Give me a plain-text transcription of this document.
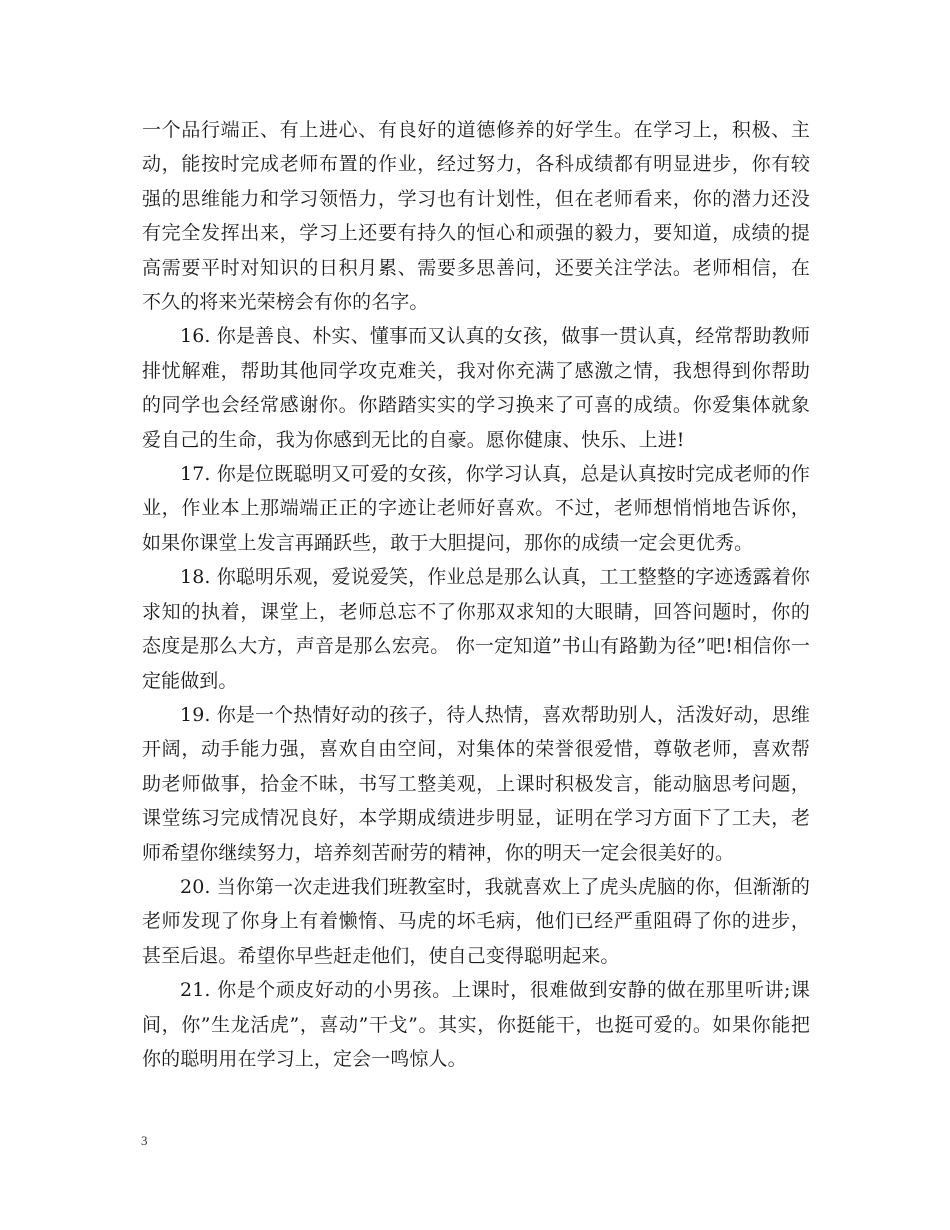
一个品行端正、有上进心、有良好的道德修养的好学生。在学习上，积极、主动，能按时完成老师布置的作业，经过努力，各科成绩都有明显进步，你有较强的思维能力和学习领悟力，学习也有计划性，但在老师看来，你的潜力还没有完全发挥出来，学习上还要有持久的恒心和顽强的毅力，要知道，成绩的提高需要平时对知识的日积月累、需要多思善问，还要关注学法。老师相信，在不久的将来光荣榜会有你的名字。

16. 你是善良、朴实、懂事而又认真的女孩，做事一贯认真，经常帮助教师排忧解难，帮助其他同学攻克难关，我对你充满了感激之情，我想得到你帮助的同学也会经常感谢你。你踏踏实实的学习换来了可喜的成绩。你爱集体就象爱自己的生命，我为你感到无比的自豪。愿你健康、快乐、上进!

17. 你是位既聪明又可爱的女孩，你学习认真，总是认真按时完成老师的作业，作业本上那端端正正的字迹让老师好喜欢。不过，老师想悄悄地告诉你，如果你课堂上发言再踊跃些，敢于大胆提问，那你的成绩一定会更优秀。

18. 你聪明乐观，爱说爱笑，作业总是那么认真，工工整整的字迹透露着你求知的执着，课堂上，老师总忘不了你那双求知的大眼睛，回答问题时，你的态度是那么大方，声音是那么宏亮。 你一定知道”书山有路勤为径”吧!相信你一定能做到。

19. 你是一个热情好动的孩子，待人热情，喜欢帮助别人，活泼好动，思维开阔，动手能力强，喜欢自由空间，对集体的荣誉很爱惜，尊敬老师，喜欢帮助老师做事，拾金不昧，书写工整美观，上课时积极发言，能动脑思考问题，课堂练习完成情况良好，本学期成绩进步明显，证明在学习方面下了工夫，老师希望你继续努力，培养刻苦耐劳的精神，你的明天一定会很美好的。

20. 当你第一次走进我们班教室时，我就喜欢上了虎头虎脑的你，但渐渐的老师发现了你身上有着懒惰、马虎的坏毛病，他们已经严重阻碍了你的进步，甚至后退。希望你早些赶走他们，使自己变得聪明起来。

21. 你是个顽皮好动的小男孩。上课时，很难做到安静的做在那里听讲;课间，你”生龙活虎”，喜动”干戈”。其实，你挺能干，也挺可爱的。如果你能把你的聪明用在学习上，定会一鸣惊人。

3
